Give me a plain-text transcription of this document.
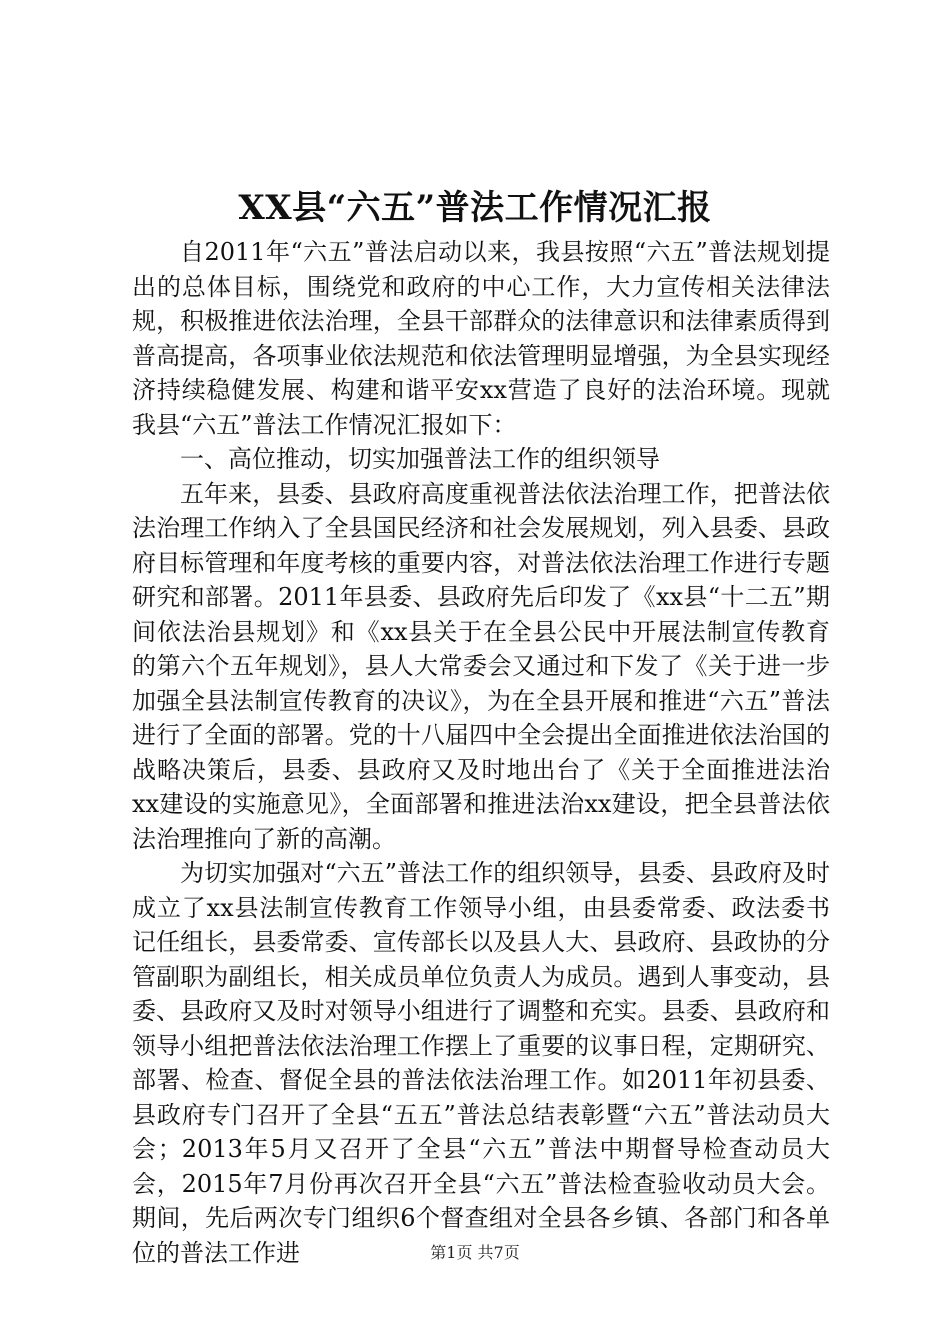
XX县“六五”普法工作情况汇报

自2011年“六五”普法启动以来，我县按照“六五”普法规划提出的总体目标，围绕党和政府的中心工作，大力宣传相关法律法规，积极推进依法治理，全县干部群众的法律意识和法律素质得到普高提高，各项事业依法规范和依法管理明显增强，为全县实现经济持续稳健发展、构建和谐平安xx营造了良好的法治环境。现就我县“六五”普法工作情况汇报如下：

一、高位推动，切实加强普法工作的组织领导

五年来，县委、县政府高度重视普法依法治理工作，把普法依法治理工作纳入了全县国民经济和社会发展规划，列入县委、县政府目标管理和年度考核的重要内容，对普法依法治理工作进行专题研究和部署。2011年县委、县政府先后印发了《xx县“十二五”期间依法治县规划》和《xx县关于在全县公民中开展法制宣传教育的第六个五年规划》，县人大常委会又通过和下发了《关于进一步加强全县法制宣传教育的决议》，为在全县开展和推进“六五”普法进行了全面的部署。党的十八届四中全会提出全面推进依法治国的战略决策后，县委、县政府又及时地出台了《关于全面推进法治xx建设的实施意见》，全面部署和推进法治xx建设，把全县普法依法治理推向了新的高潮。

为切实加强对“六五”普法工作的组织领导，县委、县政府及时成立了xx县法制宣传教育工作领导小组，由县委常委、政法委书记任组长，县委常委、宣传部长以及县人大、县政府、县政协的分管副职为副组长，相关成员单位负责人为成员。遇到人事变动，县委、县政府又及时对领导小组进行了调整和充实。县委、县政府和领导小组把普法依法治理工作摆上了重要的议事日程，定期研究、部署、检查、督促全县的普法依法治理工作。如2011年初县委、县政府专门召开了全县“五五”普法总结表彰暨“六五”普法动员大会；2013年5月又召开了全县“六五”普法中期督导检查动员大会，2015年7月份再次召开全县“六五”普法检查验收动员大会。期间，先后两次专门组织6个督查组对全县各乡镇、各部门和各单位的普法工作进	第1页 共7页
